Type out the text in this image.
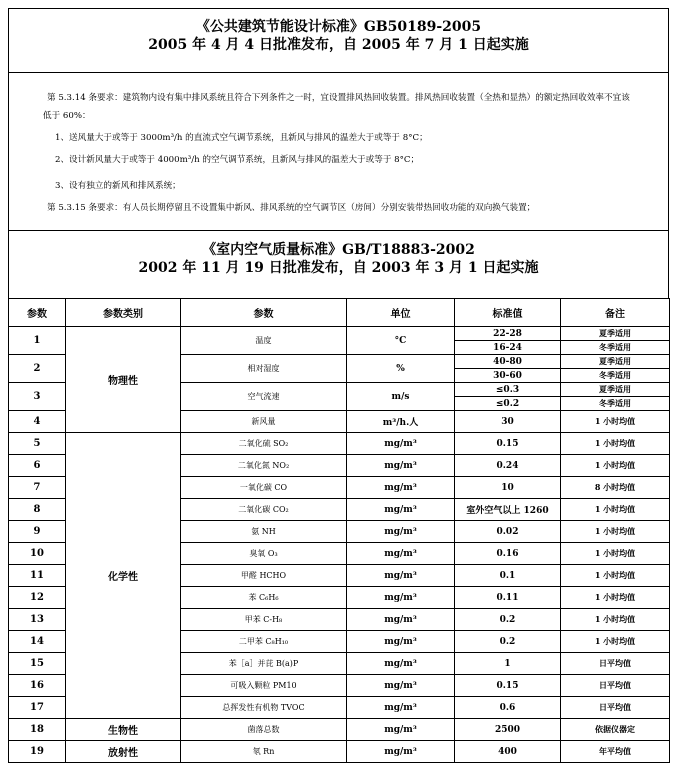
《公共建筑节能设计标准》GB50189-2005
2005 年 4 月 4 日批准发布，自 2005 年 7 月 1 日起实施
第 5.3.14 条要求：建筑物内设有集中排风系统且符合下列条件之一时，宜设置排风热回收装置。排风热回收装置（全热和显热）的额定热回收效率不宜该
低于 60%：
1、送风量大于或等于 3000m³/h 的直流式空气调节系统，且新风与排风的温差大于或等于 8°C；
2、设计新风量大于或等于 4000m³/h 的空气调节系统，且新风与排风的温差大于或等于 8°C；
3、设有独立的新风和排风系统；
第 5.3.15 条要求：有人员长期停留且不设置集中新风、排风系统的空气调节区（房间）分别安装带热回收功能的双向换气装置；
《室内空气质量标准》GB/T18883-2002
2002 年 11 月 19 日批准发布，自 2003 年 3 月 1 日起实施
参数	参数类别	参数	单位	标准值	备注
1	物理性	温度	°C	22-28	夏季适用
				16-24	冬季适用
2		相对湿度	%	40-80	夏季适用
				30-60	冬季适用
3		空气流速	m/s	≤0.3	夏季适用
				≤0.2	冬季适用
4		新风量	m³/h.人	30	1 小时均值
5	化学性	二氧化硫 SO₂	mg/m³	0.15	1 小时均值
6		二氧化氮 NO₂	mg/m³	0.24	1 小时均值
7		一氧化碳 CO	mg/m³	10	8 小时均值
8		二氧化碳 CO₂	mg/m³	室外空气以上 1260	1 小时均值
9		氨 NH	mg/m³	0.02	1 小时均值
10		臭氧 O₃	mg/m³	0.16	1 小时均值
11		甲醛 HCHO	mg/m³	0.1	1 小时均值
12		苯 C₆H₆	mg/m³	0.11	1 小时均值
13		甲苯 C-H₈	mg/m³	0.2	1 小时均值
14		二甲苯 C₈H₁₀	mg/m³	0.2	1 小时均值
15		苯［a］并芘 B(a)P	mg/m³	1	日平均值
16		可吸入颗粒 PM10	mg/m³	0.15	日平均值
17		总挥发性有机物 TVOC	mg/m³	0.6	日平均值
18	生物性	菌落总数	mg/m³	2500	依据仪器定
19	放射性	氡 Rn	mg/m³	400	年平均值
